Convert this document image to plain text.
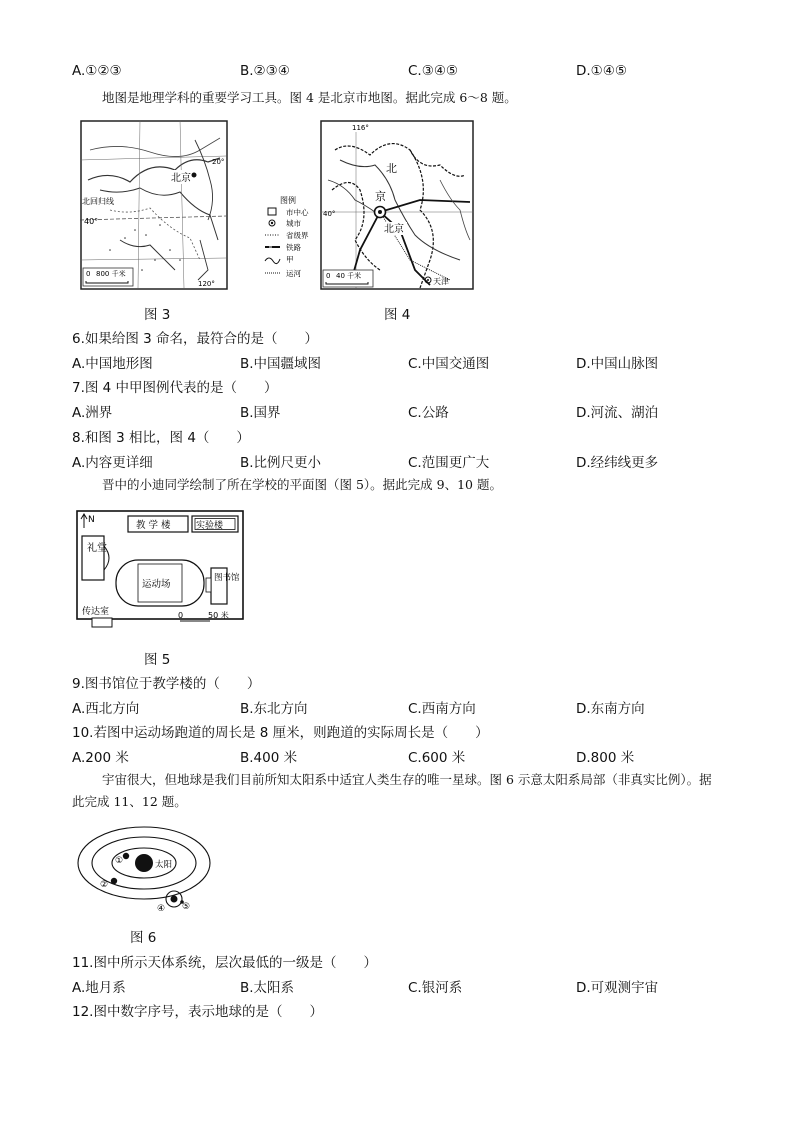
A.①②③	B.②③④	C.③④⑤	D.①④⑤
地图是地理学科的重要学习工具。图 4 是北京市地图。据此完成 6～8 题。
北京
北回归线
40°
20°
120°
0 800 千米
图例
市中心
城市
省级界
铁路
甲
运河
116°
40°
北
京
北京
0 40 千米
天津
图 3	图 4
6.如果给图 3 命名，最符合的是（　　）
A.中国地形图	B.中国疆域图	C.中国交通图	D.中国山脉图
7.图 4 中甲图例代表的是（　　）
A.洲界	B.国界	C.公路	D.河流、湖泊
8.和图 3 相比，图 4（　　）
A.内容更详细	B.比例尺更小	C.范围更广大	D.经纬线更多
晋中的小迪同学绘制了所在学校的平面图（图 5）。据此完成 9、10 题。
N	教 学 楼	实验楼
礼堂
运动场
图书馆
0	50 米
传达室
图 5
9.图书馆位于教学楼的（　　）
A.西北方向	B.东北方向	C.西南方向	D.东南方向
10.若图中运动场跑道的周长是 8 厘米，则跑道的实际周长是（　　）
A.200 米	B.400 米	C.600 米	D.800 米
宇宙很大，但地球是我们目前所知太阳系中适宜人类生存的唯一星球。图 6 示意太阳系局部（非真实比例）。据此完成 11、12 题。
太阳
①
②
④ ⑤
图 6
11.图中所示天体系统，层次最低的一级是（　　）
A.地月系	B.太阳系	C.银河系	D.可观测宇宙
12.图中数字序号，表示地球的是（　　）
